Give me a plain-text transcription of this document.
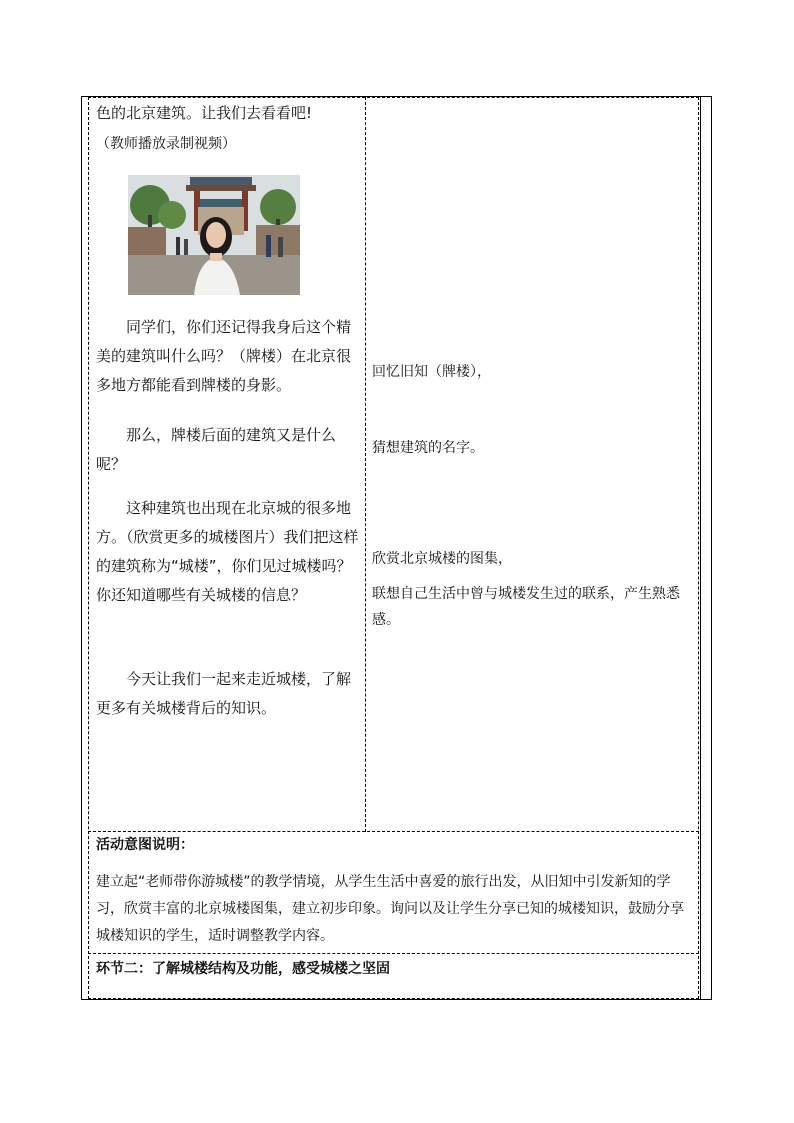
色的北京建筑。让我们去看看吧!

（教师播放录制视频）

同学们，你们还记得我身后这个精美的建筑叫什么吗？（牌楼）在北京很多地方都能看到牌楼的身影。

那么，牌楼后面的建筑又是什么呢？

这种建筑也出现在北京城的很多地方。（欣赏更多的城楼图片）我们把这样的建筑称为“城楼”，你们见过城楼吗？你还知道哪些有关城楼的信息？

今天让我们一起来走近城楼，了解更多有关城楼背后的知识。

回忆旧知（牌楼），

猜想建筑的名字。

欣赏北京城楼的图集，

联想自己生活中曾与城楼发生过的联系，产生熟悉感。

活动意图说明：

建立起“老师带你游城楼”的教学情境，从学生生活中喜爱的旅行出发，从旧知中引发新知的学习，欣赏丰富的北京城楼图集，建立初步印象。询问以及让学生分享已知的城楼知识，鼓励分享城楼知识的学生，适时调整教学内容。

环节二：了解城楼结构及功能，感受城楼之坚固
